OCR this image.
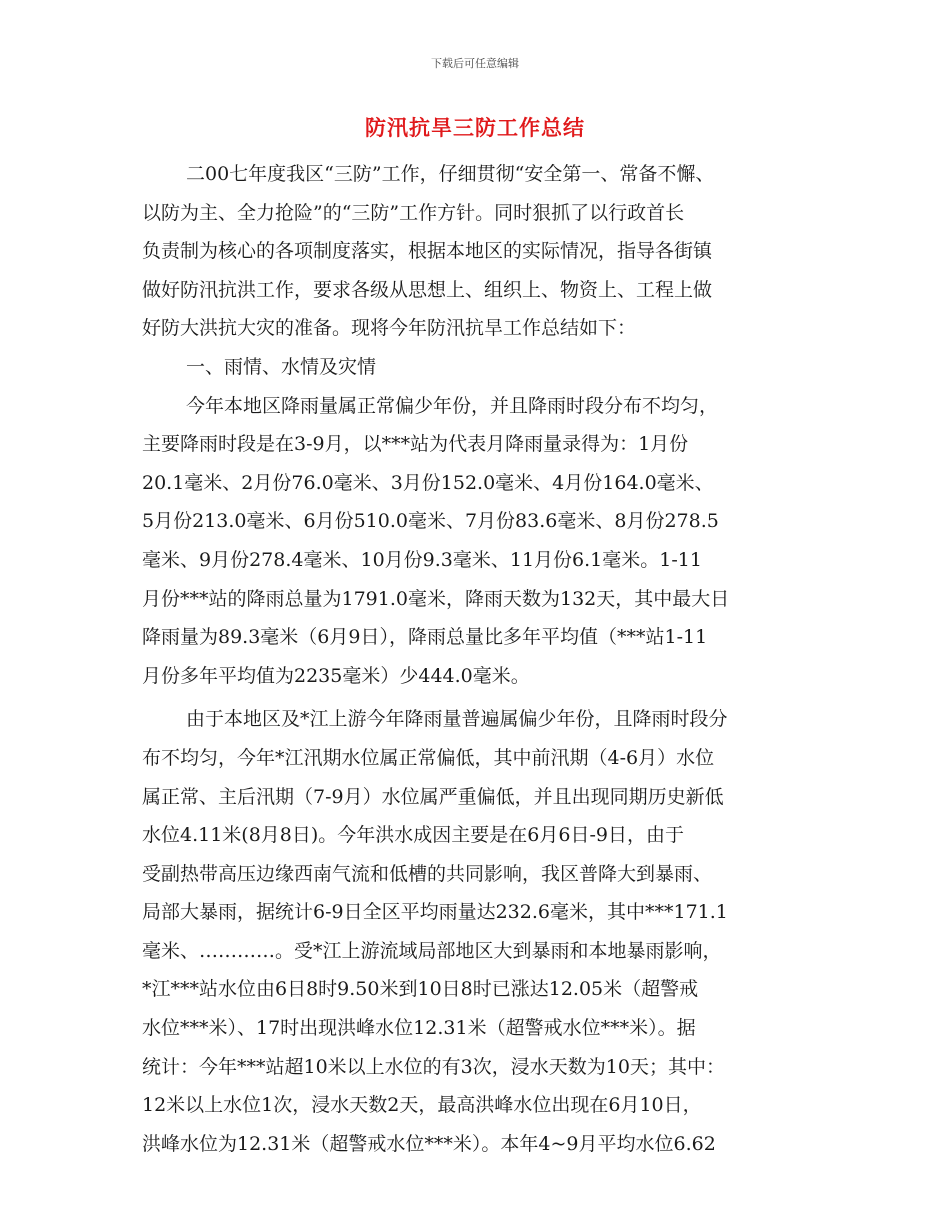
下载后可任意编辑
防汛抗旱三防工作总结
二00七年度我区“三防”工作，仔细贯彻“安全第一、常备不懈、
以防为主、全力抢险”的“三防”工作方针。同时狠抓了以行政首长
负责制为核心的各项制度落实，根据本地区的实际情况，指导各街镇
做好防汛抗洪工作，要求各级从思想上、组织上、物资上、工程上做
好防大洪抗大灾的准备。现将今年防汛抗旱工作总结如下：
一、雨情、水情及灾情
今年本地区降雨量属正常偏少年份，并且降雨时段分布不均匀，
主要降雨时段是在3-9月，以***站为代表月降雨量录得为：1月份
20.1毫米、2月份76.0毫米、3月份152.0毫米、4月份164.0毫米、
5月份213.0毫米、6月份510.0毫米、7月份83.6毫米、8月份278.5
毫米、9月份278.4毫米、10月份9.3毫米、11月份6.1毫米。1-11
月份***站的降雨总量为1791.0毫米，降雨天数为132天，其中最大日
降雨量为89.3毫米（6月9日），降雨总量比多年平均值（***站1-11
月份多年平均值为2235毫米）少444.0毫米。
由于本地区及*江上游今年降雨量普遍属偏少年份，且降雨时段分
布不均匀，今年*江汛期水位属正常偏低，其中前汛期（4-6月）水位
属正常、主后汛期（7-9月）水位属严重偏低，并且出现同期历史新低
水位4.11米(8月8日)。今年洪水成因主要是在6月6日-9日，由于
受副热带高压边缘西南气流和低槽的共同影响，我区普降大到暴雨、
局部大暴雨，据统计6-9日全区平均雨量达232.6毫米，其中***171.1
毫米、…………。受*江上游流域局部地区大到暴雨和本地暴雨影响，
*江***站水位由6日8时9.50米到10日8时已涨达12.05米（超警戒
水位***米）、17时出现洪峰水位12.31米（超警戒水位***米）。据
统计：今年***站超10米以上水位的有3次，浸水天数为10天；其中：
12米以上水位1次，浸水天数2天，最高洪峰水位出现在6月10日，
洪峰水位为12.31米（超警戒水位***米）。本年4~9月平均水位6.62
